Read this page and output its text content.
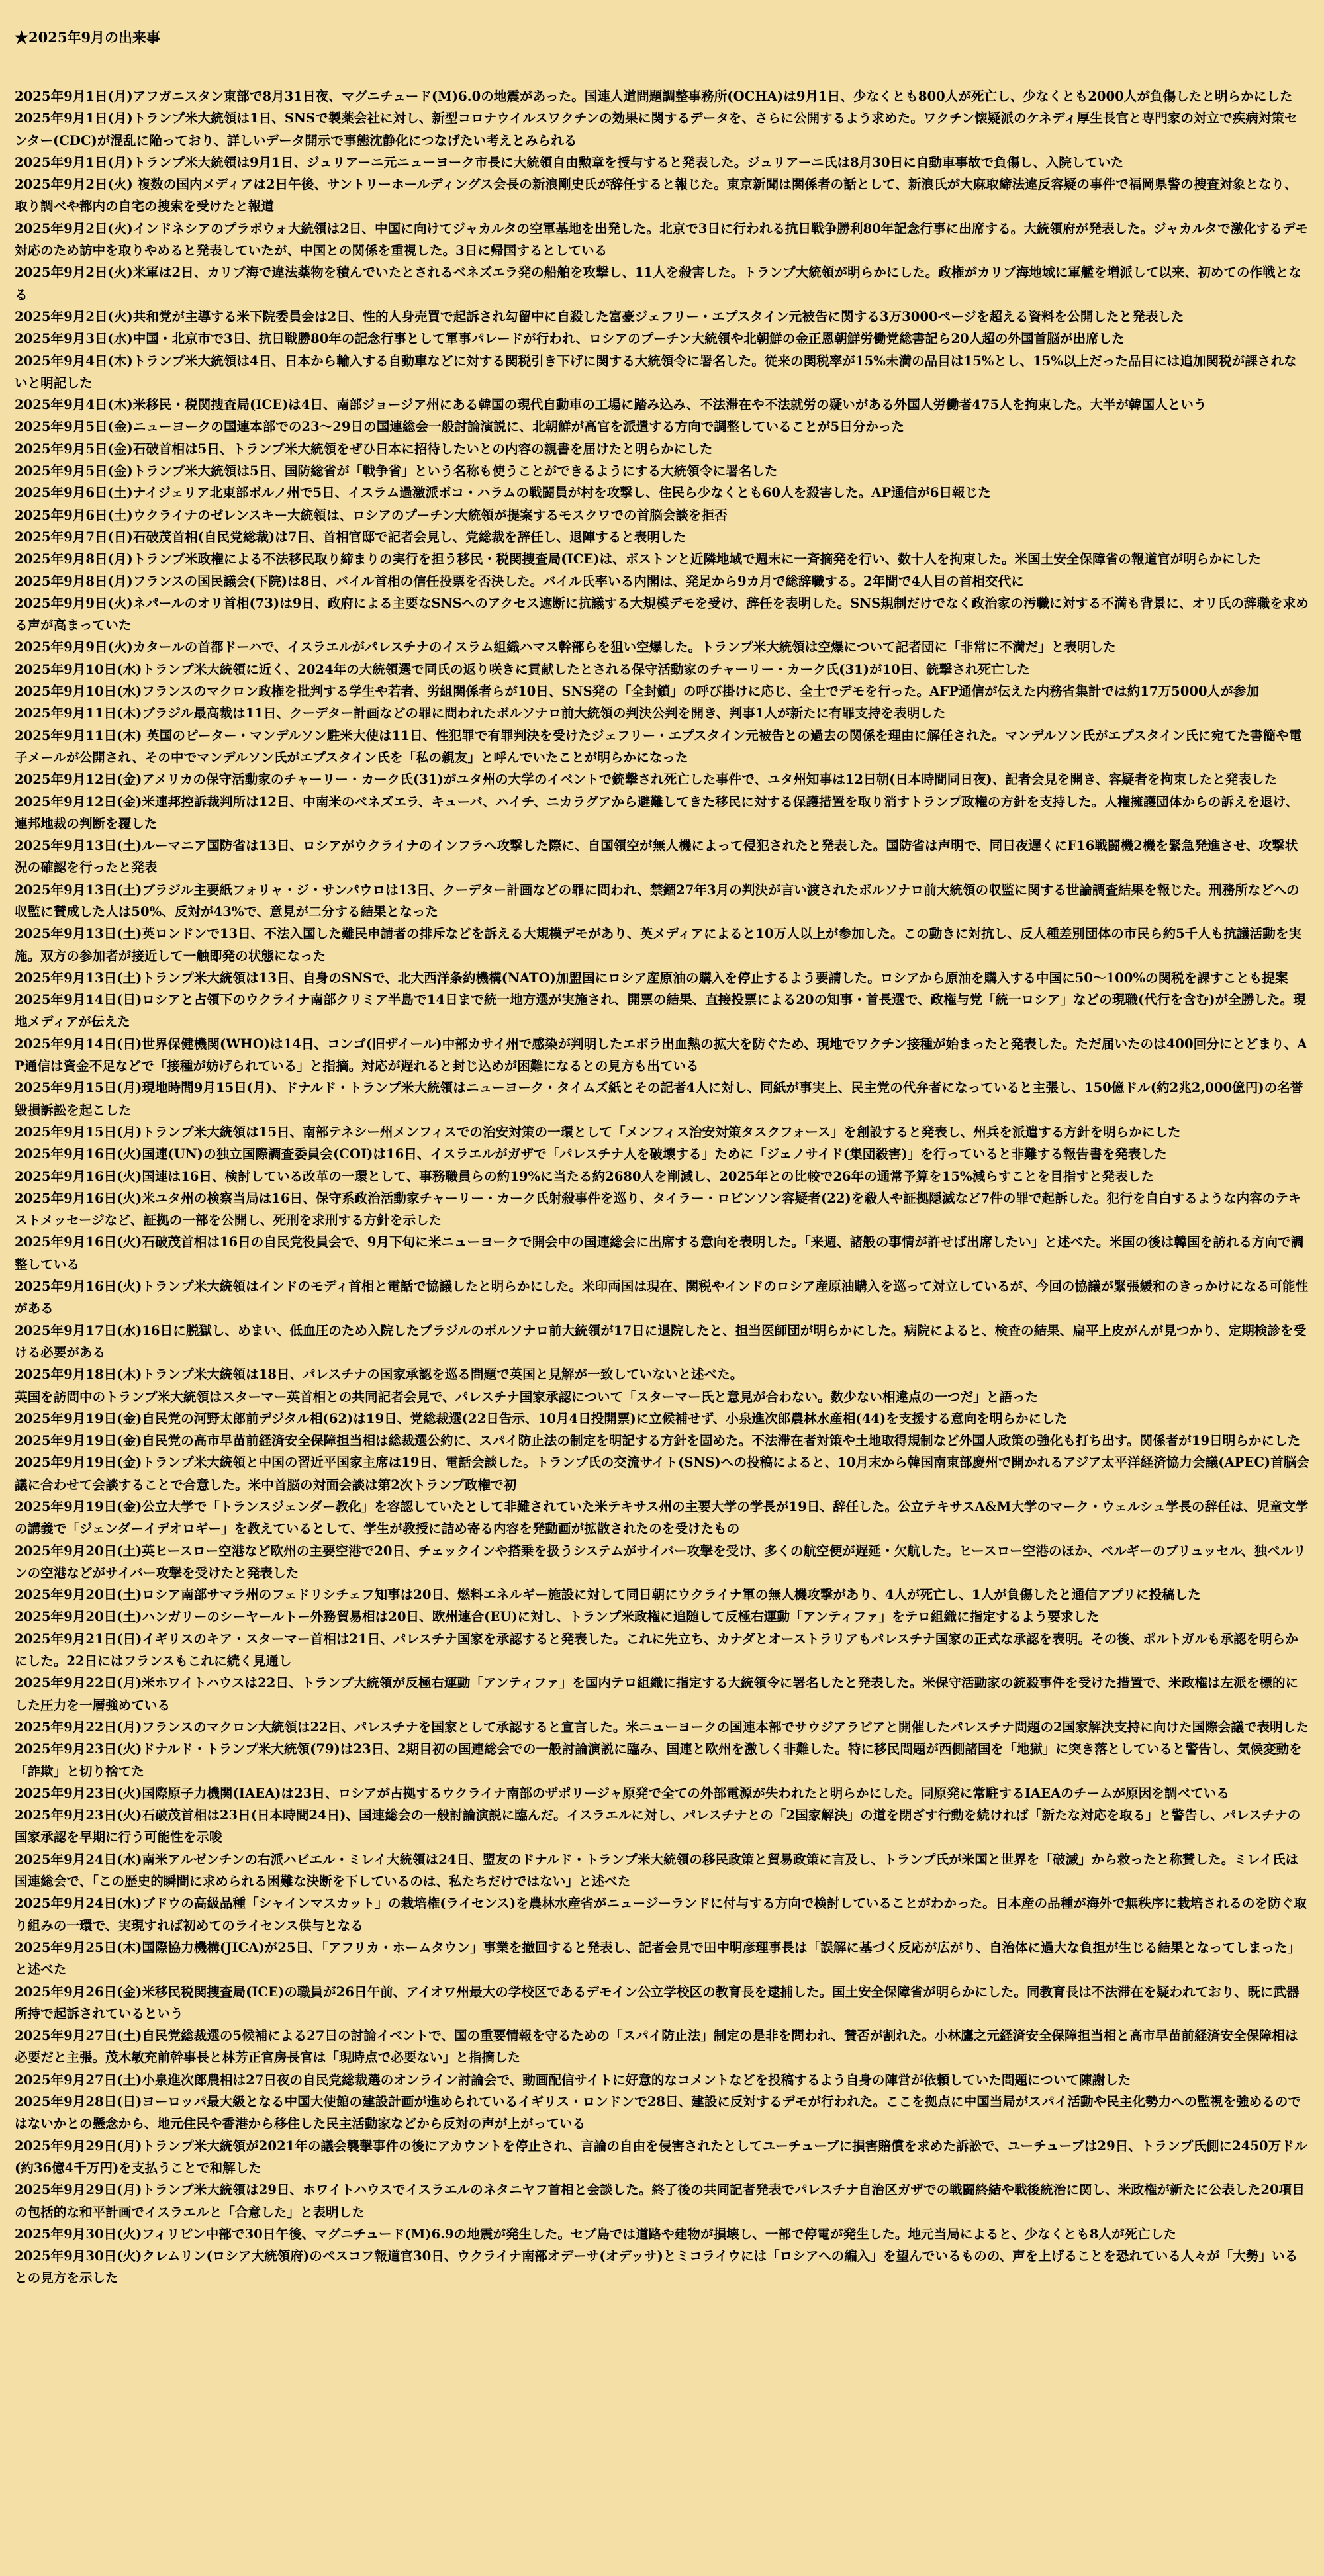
★2025年9月の出来事
2025年9月1日(月)アフガニスタン東部で8月31日夜、マグニチュード(M)6.0の地震があった。国連人道問題調整事務所(OCHA)は9月1日、少なくとも800人が死亡し、少なくとも2000人が負傷したと明らかにした
2025年9月1日(月)トランプ米大統領は1日、SNSで製薬会社に対し、新型コロナウイルスワクチンの効果に関するデータを、さらに公開するよう求めた。ワクチン懐疑派のケネディ厚生長官と専門家の対立で疾病対策センター(CDC)が混乱に陥っており、詳しいデータ開示で事態沈静化につなげたい考えとみられる
2025年9月1日(月)トランプ米大統領は9月1日、ジュリアーニ元ニューヨーク市長に大統領自由勲章を授与すると発表した。ジュリアーニ氏は8月30日に自動車事故で負傷し、入院していた
2025年9月2日(火) 複数の国内メディアは2日午後、サントリーホールディングス会長の新浪剛史氏が辞任すると報じた。東京新聞は関係者の話として、新浪氏が大麻取締法違反容疑の事件で福岡県警の捜査対象となり、取り調べや都内の自宅の捜索を受けたと報道
2025年9月2日(火)インドネシアのプラボウォ大統領は2日、中国に向けてジャカルタの空軍基地を出発した。北京で3日に行われる抗日戦争勝利80年記念行事に出席する。大統領府が発表した。ジャカルタで激化するデモ対応のため訪中を取りやめると発表していたが、中国との関係を重視した。3日に帰国するとしている
2025年9月2日(火)米軍は2日、カリブ海で違法薬物を積んでいたとされるベネズエラ発の船舶を攻撃し、11人を殺害した。トランプ大統領が明らかにした。政権がカリブ海地域に軍艦を増派して以来、初めての作戦となる
2025年9月2日(火)共和党が主導する米下院委員会は2日、性的人身売買で起訴され勾留中に自殺した富豪ジェフリー・エプスタイン元被告に関する3万3000ページを超える資料を公開したと発表した
2025年9月3日(水)中国・北京市で3日、抗日戦勝80年の記念行事として軍事パレードが行われ、ロシアのプーチン大統領や北朝鮮の金正恩朝鮮労働党総書記ら20人超の外国首脳が出席した
2025年9月4日(木)トランプ米大統領は4日、日本から輸入する自動車などに対する関税引き下げに関する大統領令に署名した。従来の関税率が15%未満の品目は15%とし、15%以上だった品目には追加関税が課されないと明記した
2025年9月4日(木)米移民・税関捜査局(ICE)は4日、南部ジョージア州にある韓国の現代自動車の工場に踏み込み、不法滞在や不法就労の疑いがある外国人労働者475人を拘束した。大半が韓国人という
2025年9月5日(金)ニューヨークの国連本部での23～29日の国連総会一般討論演説に、北朝鮮が高官を派遣する方向で調整していることが5日分かった
2025年9月5日(金)石破首相は5日、トランプ米大統領をぜひ日本に招待したいとの内容の親書を届けたと明らかにした
2025年9月5日(金)トランプ米大統領は5日、国防総省が「戦争省」という名称も使うことができるようにする大統領令に署名した
2025年9月6日(土)ナイジェリア北東部ボルノ州で5日、イスラム過激派ボコ・ハラムの戦闘員が村を攻撃し、住民ら少なくとも60人を殺害した。AP通信が6日報じた
2025年9月6日(土)ウクライナのゼレンスキー大統領は、ロシアのプーチン大統領が提案するモスクワでの首脳会談を拒否
2025年9月7日(日)石破茂首相(自民党総裁)は7日、首相官邸で記者会見し、党総裁を辞任し、退陣すると表明した
2025年9月8日(月)トランプ米政権による不法移民取り締まりの実行を担う移民・税関捜査局(ICE)は、ボストンと近隣地域で週末に一斉摘発を行い、数十人を拘束した。米国土安全保障省の報道官が明らかにした
2025年9月8日(月)フランスの国民議会(下院)は8日、バイル首相の信任投票を否決した。バイル氏率いる内閣は、発足から9カ月で総辞職する。2年間で4人目の首相交代に
2025年9月9日(火)ネパールのオリ首相(73)は9日、政府による主要なSNSへのアクセス遮断に抗議する大規模デモを受け、辞任を表明した。SNS規制だけでなく政治家の汚職に対する不満も背景に、オリ氏の辞職を求める声が高まっていた
2025年9月9日(火)カタールの首都ドーハで、イスラエルがパレスチナのイスラム組織ハマス幹部らを狙い空爆した。トランプ米大統領は空爆について記者団に「非常に不満だ」と表明した
2025年9月10日(水)トランプ米大統領に近く、2024年の大統領選で同氏の返り咲きに貢献したとされる保守活動家のチャーリー・カーク氏(31)が10日、銃撃され死亡した
2025年9月10日(水)フランスのマクロン政権を批判する学生や若者、労組関係者らが10日、SNS発の「全封鎖」の呼び掛けに応じ、全土でデモを行った。AFP通信が伝えた内務省集計では約17万5000人が参加
2025年9月11日(木)ブラジル最高裁は11日、クーデター計画などの罪に問われたボルソナロ前大統領の判決公判を開き、判事1人が新たに有罪支持を表明した
2025年9月11日(木) 英国のピーター・マンデルソン駐米大使は11日、性犯罪で有罪判決を受けたジェフリー・エプスタイン元被告との過去の関係を理由に解任された。マンデルソン氏がエプスタイン氏に宛てた書簡や電子メールが公開され、その中でマンデルソン氏がエプスタイン氏を「私の親友」と呼んでいたことが明らかになった
2025年9月12日(金)アメリカの保守活動家のチャーリー・カーク氏(31)がユタ州の大学のイベントで銃撃され死亡した事件で、ユタ州知事は12日朝(日本時間同日夜)、記者会見を開き、容疑者を拘束したと発表した
2025年9月12日(金)米連邦控訴裁判所は12日、中南米のベネズエラ、キューバ、ハイチ、ニカラグアから避難してきた移民に対する保護措置を取り消すトランプ政権の方針を支持した。人権擁護団体からの訴えを退け、連邦地裁の判断を覆した
2025年9月13日(土)ルーマニア国防省は13日、ロシアがウクライナのインフラへ攻撃した際に、自国領空が無人機によって侵犯されたと発表した。国防省は声明で、同日夜遅くにF16戦闘機2機を緊急発進させ、攻撃状況の確認を行ったと発表
2025年9月13日(土)ブラジル主要紙フォリャ・ジ・サンパウロは13日、クーデター計画などの罪に問われ、禁錮27年3月の判決が言い渡されたボルソナロ前大統領の収監に関する世論調査結果を報じた。刑務所などへの収監に賛成した人は50%、反対が43%で、意見が二分する結果となった
2025年9月13日(土)英ロンドンで13日、不法入国した難民申請者の排斥などを訴える大規模デモがあり、英メディアによると10万人以上が参加した。この動きに対抗し、反人種差別団体の市民ら約5千人も抗議活動を実施。双方の参加者が接近して一触即発の状態になった
2025年9月13日(土)トランプ米大統領は13日、自身のSNSで、北大西洋条約機構(NATO)加盟国にロシア産原油の購入を停止するよう要請した。ロシアから原油を購入する中国に50～100%の関税を課すことも提案
2025年9月14日(日)ロシアと占領下のウクライナ南部クリミア半島で14日まで統一地方選が実施され、開票の結果、直接投票による20の知事・首長選で、政権与党「統一ロシア」などの現職(代行を含む)が全勝した。現地メディアが伝えた
2025年9月14日(日)世界保健機関(WHO)は14日、コンゴ(旧ザイール)中部カサイ州で感染が判明したエボラ出血熱の拡大を防ぐため、現地でワクチン接種が始まったと発表した。ただ届いたのは400回分にとどまり、AP通信は資金不足などで「接種が妨げられている」と指摘。対応が遅れると封じ込めが困難になるとの見方も出ている
2025年9月15日(月)現地時間9月15日(月)、ドナルド・トランプ米大統領はニューヨーク・タイムズ紙とその記者4人に対し、同紙が事実上、民主党の代弁者になっていると主張し、150億ドル(約2兆2,000億円)の名誉毀損訴訟を起こした
2025年9月15日(月)トランプ米大統領は15日、南部テネシー州メンフィスでの治安対策の一環として「メンフィス治安対策タスクフォース」を創設すると発表し、州兵を派遣する方針を明らかにした
2025年9月16日(火)国連(UN)の独立国際調査委員会(COI)は16日、イスラエルがガザで「パレスチナ人を破壊する」ために「ジェノサイド(集団殺害)」を行っていると非難する報告書を発表した
2025年9月16日(火)国連は16日、検討している改革の一環として、事務職員らの約19%に当たる約2680人を削減し、2025年との比較で26年の通常予算を15%減らすことを目指すと発表した
2025年9月16日(火)米ユタ州の検察当局は16日、保守系政治活動家チャーリー・カーク氏射殺事件を巡り、タイラー・ロビンソン容疑者(22)を殺人や証拠隠滅など7件の罪で起訴した。犯行を自白するような内容のテキストメッセージなど、証拠の一部を公開し、死刑を求刑する方針を示した
2025年9月16日(火)石破茂首相は16日の自民党役員会で、9月下旬に米ニューヨークで開会中の国連総会に出席する意向を表明した。「来週、諸般の事情が許せば出席したい」と述べた。米国の後は韓国を訪れる方向で調整している
2025年9月16日(火)トランプ米大統領はインドのモディ首相と電話で協議したと明らかにした。米印両国は現在、関税やインドのロシア産原油購入を巡って対立しているが、今回の協議が緊張緩和のきっかけになる可能性がある
2025年9月17日(水)16日に脱獄し、めまい、低血圧のため入院したブラジルのボルソナロ前大統領が17日に退院したと、担当医師団が明らかにした。病院によると、検査の結果、扁平上皮がんが見つかり、定期検診を受ける必要がある
2025年9月18日(木)トランプ米大統領は18日、パレスチナの国家承認を巡る問題で英国と見解が一致していないと述べた。
英国を訪問中のトランプ米大統領はスターマー英首相との共同記者会見で、パレスチナ国家承認について「スターマー氏と意見が合わない。数少ない相違点の一つだ」と語った
2025年9月19日(金)自民党の河野太郎前デジタル相(62)は19日、党総裁選(22日告示、10月4日投開票)に立候補せず、小泉進次郎農林水産相(44)を支援する意向を明らかにした
2025年9月19日(金)自民党の高市早苗前経済安全保障担当相は総裁選公約に、スパイ防止法の制定を明記する方針を固めた。不法滞在者対策や土地取得規制など外国人政策の強化も打ち出す。関係者が19日明らかにした
2025年9月19日(金)トランプ米大統領と中国の習近平国家主席は19日、電話会談した。トランプ氏の交流サイト(SNS)への投稿によると、10月末から韓国南東部慶州で開かれるアジア太平洋経済協力会議(APEC)首脳会議に合わせて会談することで合意した。米中首脳の対面会談は第2次トランプ政権で初
2025年9月19日(金)公立大学で「トランスジェンダー教化」を容認していたとして非難されていた米テキサス州の主要大学の学長が19日、辞任した。公立テキサスA&M大学のマーク・ウェルシュ学長の辞任は、児童文学の講義で「ジェンダーイデオロギー」を教えているとして、学生が教授に詰め寄る内容を発動画が拡散されたのを受けたもの
2025年9月20日(土)英ヒースロー空港など欧州の主要空港で20日、チェックインや搭乗を扱うシステムがサイバー攻撃を受け、多くの航空便が遅延・欠航した。ヒースロー空港のほか、ベルギーのブリュッセル、独ベルリンの空港などがサイバー攻撃を受けたと発表した
2025年9月20日(土)ロシア南部サマラ州のフェドリシチェフ知事は20日、燃料エネルギー施設に対して同日朝にウクライナ軍の無人機攻撃があり、4人が死亡し、1人が負傷したと通信アプリに投稿した
2025年9月20日(土)ハンガリーのシーヤールトー外務貿易相は20日、欧州連合(EU)に対し、トランプ米政権に追随して反極右運動「アンティファ」をテロ組織に指定するよう要求した
2025年9月21日(日)イギリスのキア・スターマー首相は21日、パレスチナ国家を承認すると発表した。これに先立ち、カナダとオーストラリアもパレスチナ国家の正式な承認を表明。その後、ポルトガルも承認を明らかにした。22日にはフランスもこれに続く見通し
2025年9月22日(月)米ホワイトハウスは22日、トランプ大統領が反極右運動「アンティファ」を国内テロ組織に指定する大統領令に署名したと発表した。米保守活動家の銃殺事件を受けた措置で、米政権は左派を標的にした圧力を一層強めている
2025年9月22日(月)フランスのマクロン大統領は22日、パレスチナを国家として承認すると宣言した。米ニューヨークの国連本部でサウジアラビアと開催したパレスチナ問題の2国家解決支持に向けた国際会議で表明した
2025年9月23日(火)ドナルド・トランプ米大統領(79)は23日、2期目初の国連総会での一般討論演説に臨み、国連と欧州を激しく非難した。特に移民問題が西側諸国を「地獄」に突き落としていると警告し、気候変動を「詐欺」と切り捨てた
2025年9月23日(火)国際原子力機関(IAEA)は23日、ロシアが占拠するウクライナ南部のザポリージャ原発で全ての外部電源が失われたと明らかにした。同原発に常駐するIAEAのチームが原因を調べている
2025年9月23日(火)石破茂首相は23日(日本時間24日)、国連総会の一般討論演説に臨んだ。イスラエルに対し、パレスチナとの「2国家解決」の道を閉ざす行動を続ければ「新たな対応を取る」と警告し、パレスチナの国家承認を早期に行う可能性を示唆
2025年9月24日(水)南米アルゼンチンの右派ハビエル・ミレイ大統領は24日、盟友のドナルド・トランプ米大統領の移民政策と貿易政策に言及し、トランプ氏が米国と世界を「破滅」から救ったと称賛した。ミレイ氏は国連総会で、「この歴史的瞬間に求められる困難な決断を下しているのは、私たちだけではない」と述べた
2025年9月24日(水)ブドウの高級品種「シャインマスカット」の栽培権(ライセンス)を農林水産省がニュージーランドに付与する方向で検討していることがわかった。日本産の品種が海外で無秩序に栽培されるのを防ぐ取り組みの一環で、実現すれば初めてのライセンス供与となる
2025年9月25日(木)国際協力機構(JICA)が25日、「アフリカ・ホームタウン」事業を撤回すると発表し、記者会見で田中明彦理事長は「誤解に基づく反応が広がり、自治体に過大な負担が生じる結果となってしまった」と述べた
2025年9月26日(金)米移民税関捜査局(ICE)の職員が26日午前、アイオワ州最大の学校区であるデモイン公立学校区の教育長を逮捕した。国土安全保障省が明らかにした。同教育長は不法滞在を疑われており、既に武器所持で起訴されているという
2025年9月27日(土)自民党総裁選の5候補による27日の討論イベントで、国の重要情報を守るための「スパイ防止法」制定の是非を問われ、賛否が割れた。小林鷹之元経済安全保障担当相と高市早苗前経済安全保障相は必要だと主張。茂木敏充前幹事長と林芳正官房長官は「現時点で必要ない」と指摘した
2025年9月27日(土)小泉進次郎農相は27日夜の自民党総裁選のオンライン討論会で、動画配信サイトに好意的なコメントなどを投稿するよう自身の陣営が依頼していた問題について陳謝した
2025年9月28日(日)ヨーロッパ最大級となる中国大使館の建設計画が進められているイギリス・ロンドンで28日、建設に反対するデモが行われた。ここを拠点に中国当局がスパイ活動や民主化勢力への監視を強めるのではないかとの懸念から、地元住民や香港から移住した民主活動家などから反対の声が上がっている
2025年9月29日(月)トランプ米大統領が2021年の議会襲撃事件の後にアカウントを停止され、言論の自由を侵害されたとしてユーチューブに損害賠償を求めた訴訟で、ユーチューブは29日、トランプ氏側に2450万ドル(約36億4千万円)を支払うことで和解した
2025年9月29日(月)トランプ米大統領は29日、ホワイトハウスでイスラエルのネタニヤフ首相と会談した。終了後の共同記者発表でパレスチナ自治区ガザでの戦闘終結や戦後統治に関し、米政権が新たに公表した20項目の包括的な和平計画でイスラエルと「合意した」と表明した
2025年9月30日(火)フィリピン中部で30日午後、マグニチュード(M)6.9の地震が発生した。セブ島では道路や建物が損壊し、一部で停電が発生した。地元当局によると、少なくとも8人が死亡した
2025年9月30日(火)クレムリン(ロシア大統領府)のペスコフ報道官30日、ウクライナ南部オデーサ(オデッサ)とミコライウには「ロシアへの編入」を望んでいるものの、声を上げることを恐れている人々が「大勢」いるとの見方を示した
